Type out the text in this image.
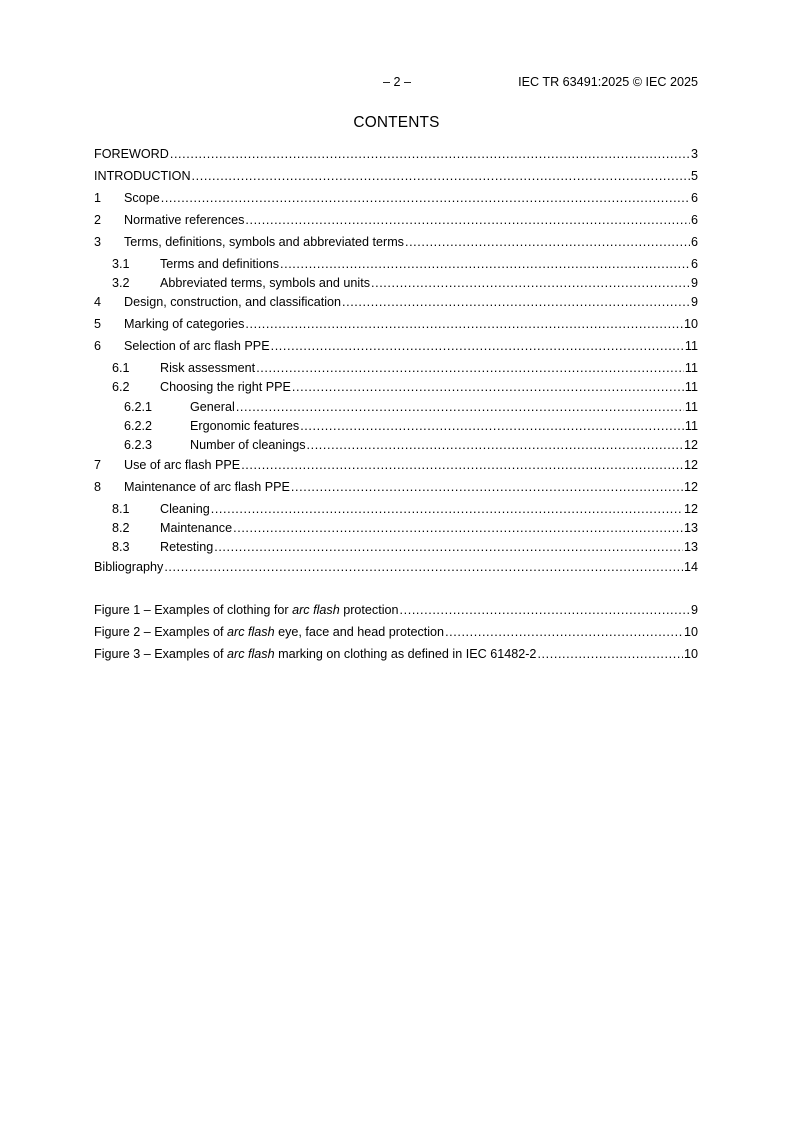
– 2 –	IEC TR 63491:2025 © IEC 2025
CONTENTS
FOREWORD .....	3
INTRODUCTION .....	5
1	Scope .....	6
2	Normative references .....	6
3	Terms, definitions, symbols and abbreviated terms .....	6
3.1	Terms and definitions .....	6
3.2	Abbreviated terms, symbols and units .....	9
4	Design, construction, and classification .....	9
5	Marking of categories .....	10
6	Selection of arc flash PPE .....	11
6.1	Risk assessment .....	11
6.2	Choosing the right PPE .....	11
6.2.1	General .....	11
6.2.2	Ergonomic features .....	11
6.2.3	Number of cleanings .....	12
7	Use of arc flash PPE .....	12
8	Maintenance of arc flash PPE .....	12
8.1	Cleaning .....	12
8.2	Maintenance .....	13
8.3	Retesting .....	13
Bibliography .....	14
Figure 1 – Examples of clothing for arc flash protection .....	9
Figure 2 – Examples of arc flash eye, face and head protection .....	10
Figure 3 – Examples of arc flash marking on clothing as defined in IEC 61482-2 .....	10
